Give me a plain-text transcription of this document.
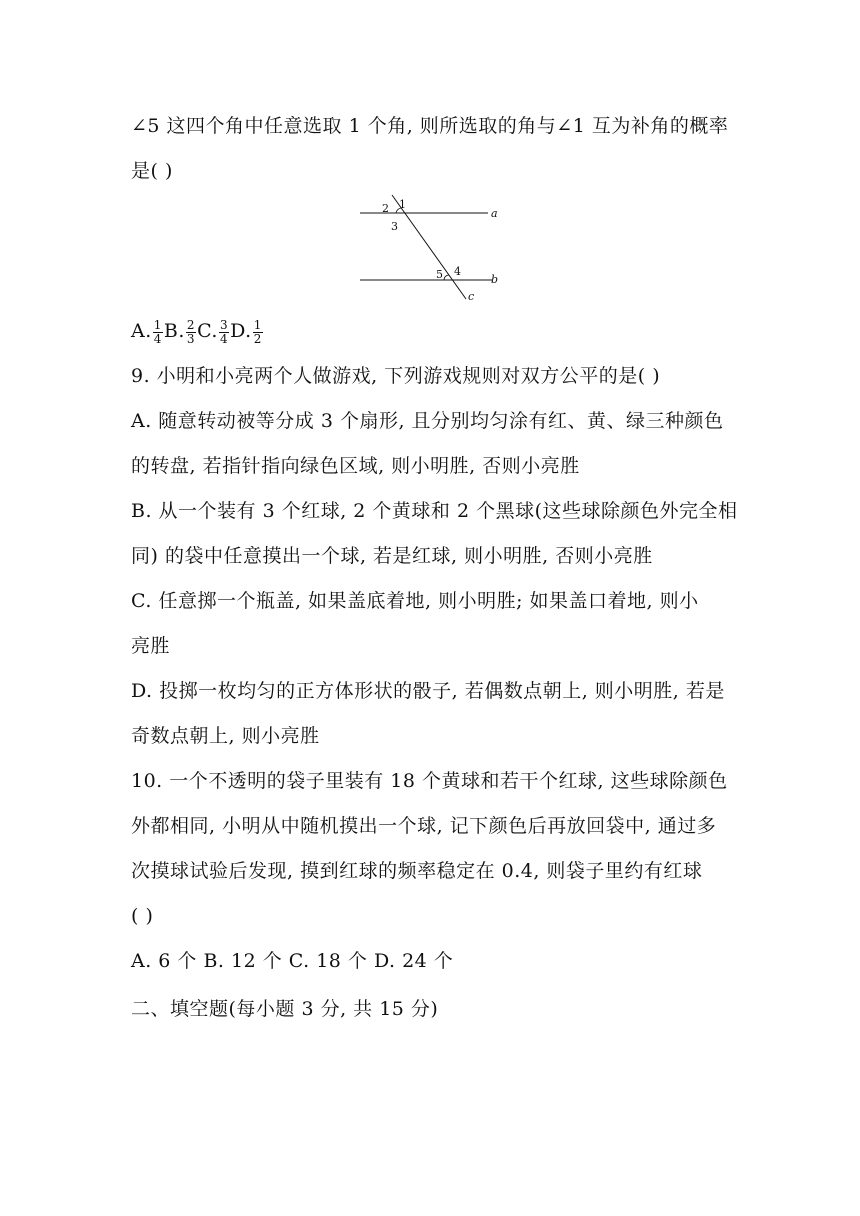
∠5 这四个角中任意选取 1 个角, 则所选取的角与∠1 互为补角的概率
是( )
1
2
3
4
5
a
b
c
A. $\frac{1}{4} B$. $\frac{2}{3} C$. $\frac{3}{4} D$. $\frac{1}{2}$
9. 小明和小亮两个人做游戏, 下列游戏规则对双方公平的是( )
A. 随意转动被等分成 3 个扇形, 且分别均匀涂有红、黄、绿三种颜色
的转盘, 若指针指向绿色区域, 则小明胜, 否则小亮胜
B. 从一个装有 3 个红球, 2 个黄球和 2 个黑球(这些球除颜色外完全相
同) 的袋中任意摸出一个球, 若是红球, 则小明胜, 否则小亮胜
C. 任意掷一个瓶盖, 如果盖底着地, 则小明胜; 如果盖口着地, 则小
亮胜
D. 投掷一枚均匀的正方体形状的骰子, 若偶数点朝上, 则小明胜, 若是
奇数点朝上, 则小亮胜
10. 一个不透明的袋子里装有 18 个黄球和若干个红球, 这些球除颜色
外都相同, 小明从中随机摸出一个球, 记下颜色后再放回袋中, 通过多
次摸球试验后发现, 摸到红球的频率稳定在 0.4, 则袋子里约有红球
( )
A. 6 个 B. 12 个 C. 18 个 D. 24 个
二、填空题(每小题 3 分, 共 15 分)
